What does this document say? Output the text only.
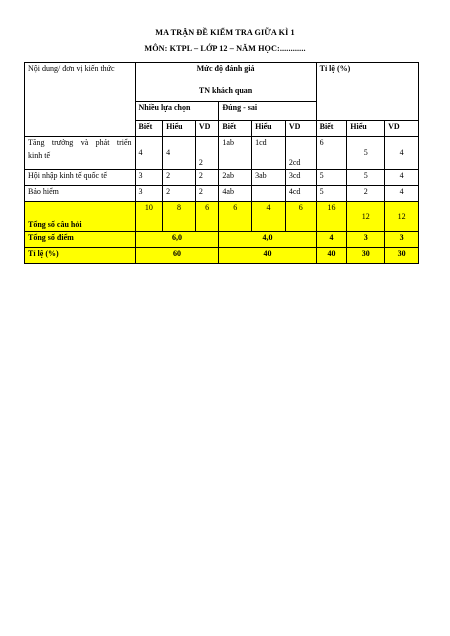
MA TRẬN ĐỀ KIỂM TRA GIỮA KÌ 1
MÔN: KTPL – LỚP 12 – NĂM HỌC:............
Nội dung/ đơn vị kiến thức	Mức độ đánh giá						Tỉ lệ (%)		
	TN khách quan								
	Nhiều lựa chọn			Đúng - sai					
	Biết	Hiểu	VD	Biết	Hiểu	VD	Biết	Hiểu	VD

Tăng trưởng và phát triển
kinh tế	4	4	2	1ab	1cd	2cd	6	5	4
Hội nhập kinh tế quốc tế	3	2	2	2ab	3ab	3cd	5	5	4
Bảo hiểm	3	2	2	4ab		4cd	5	2	4
Tổng số câu hỏi	10	8	6	6	4	6	16	12	12
Tổng số điểm	6,0			4,0			4	3	3
Tỉ lệ (%)	60			40			40	30	30
